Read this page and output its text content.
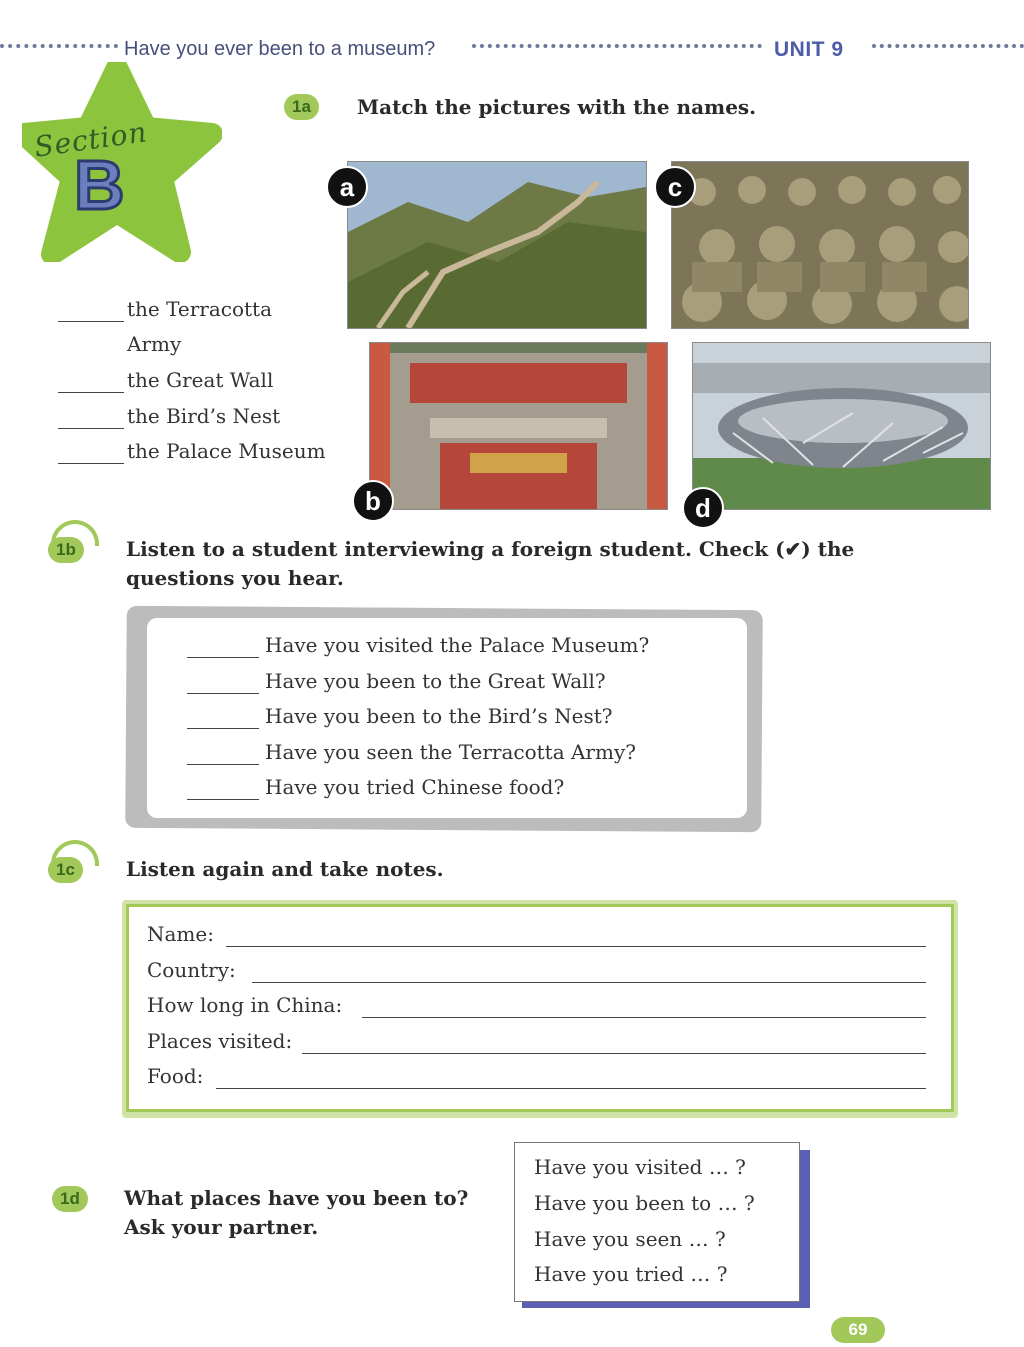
Have you ever been to a museum?	UNIT 9
Section
B
1a	Match the pictures with the names.
a	c
b	d
the Terracotta
Army
the Great Wall
the Bird’s Nest
the Palace Museum
1b	Listen to a student interviewing a foreign student. Check (✔) the
questions you hear.
Have you visited the Palace Museum?
Have you been to the Great Wall?
Have you been to the Bird’s Nest?
Have you seen the Terracotta Army?
Have you tried Chinese food?
1c	Listen again and take notes.
Name:
Country:
How long in China:
Places visited:
Food:
1d	What places have you been to?
Ask your partner.
Have you visited … ?
Have you been to … ?
Have you seen … ?
Have you tried … ?
69
